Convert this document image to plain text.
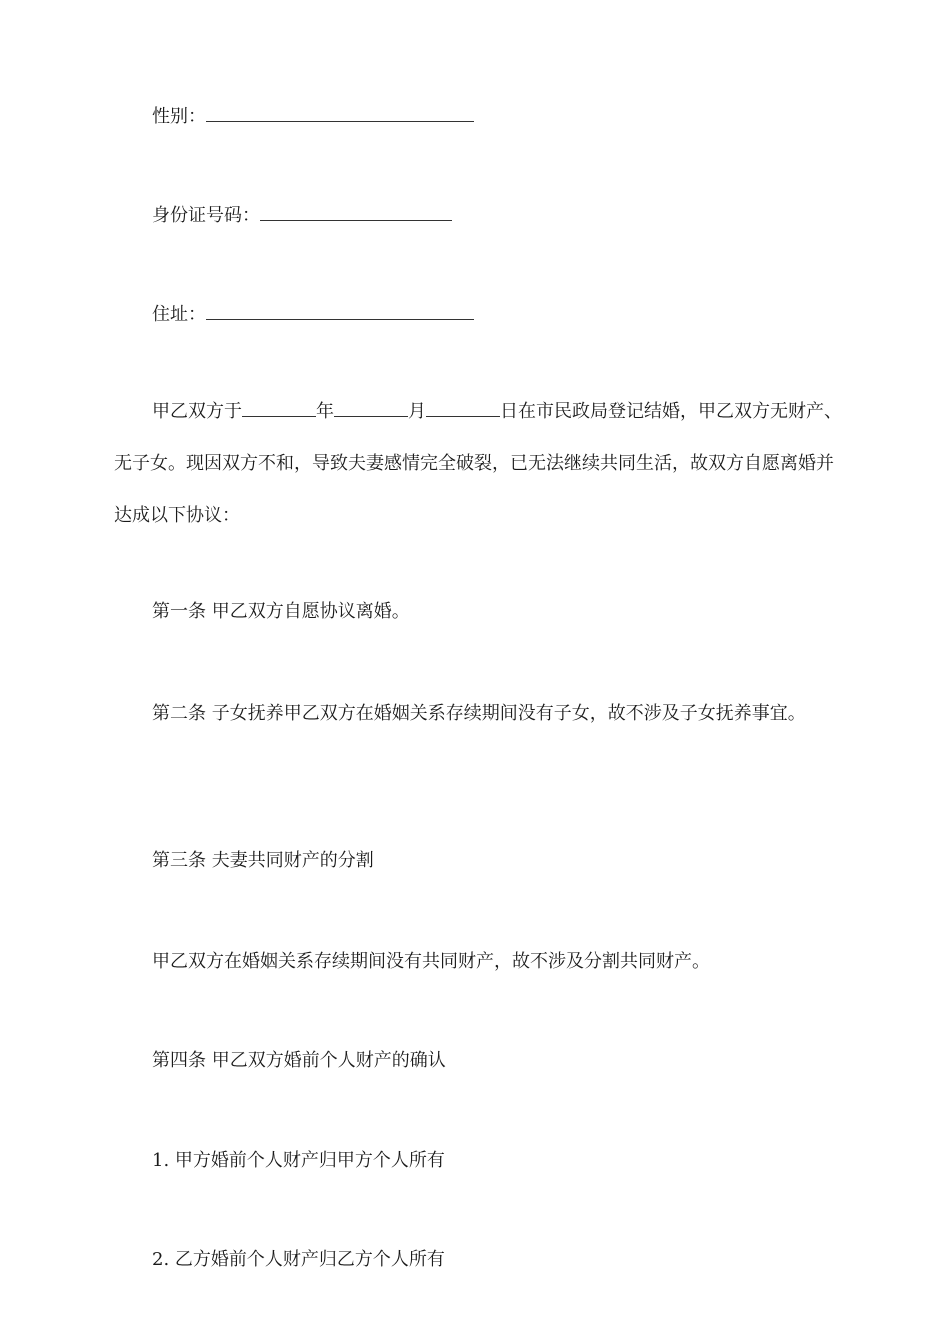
性别：
身份证号码：
住址：
甲乙双方于	年	月	日在市民政局登记结婚，甲乙双方无财产、无子女。现因双方不和，导致夫妻感情完全破裂，已无法继续共同生活，故双方自愿离婚并达成以下协议：
第一条 甲乙双方自愿协议离婚。
第二条 子女抚养甲乙双方在婚姻关系存续期间没有子女，故不涉及子女抚养事宜。
第三条 夫妻共同财产的分割
甲乙双方在婚姻关系存续期间没有共同财产，故不涉及分割共同财产。
第四条 甲乙双方婚前个人财产的确认
1. 甲方婚前个人财产归甲方个人所有
2. 乙方婚前个人财产归乙方个人所有
